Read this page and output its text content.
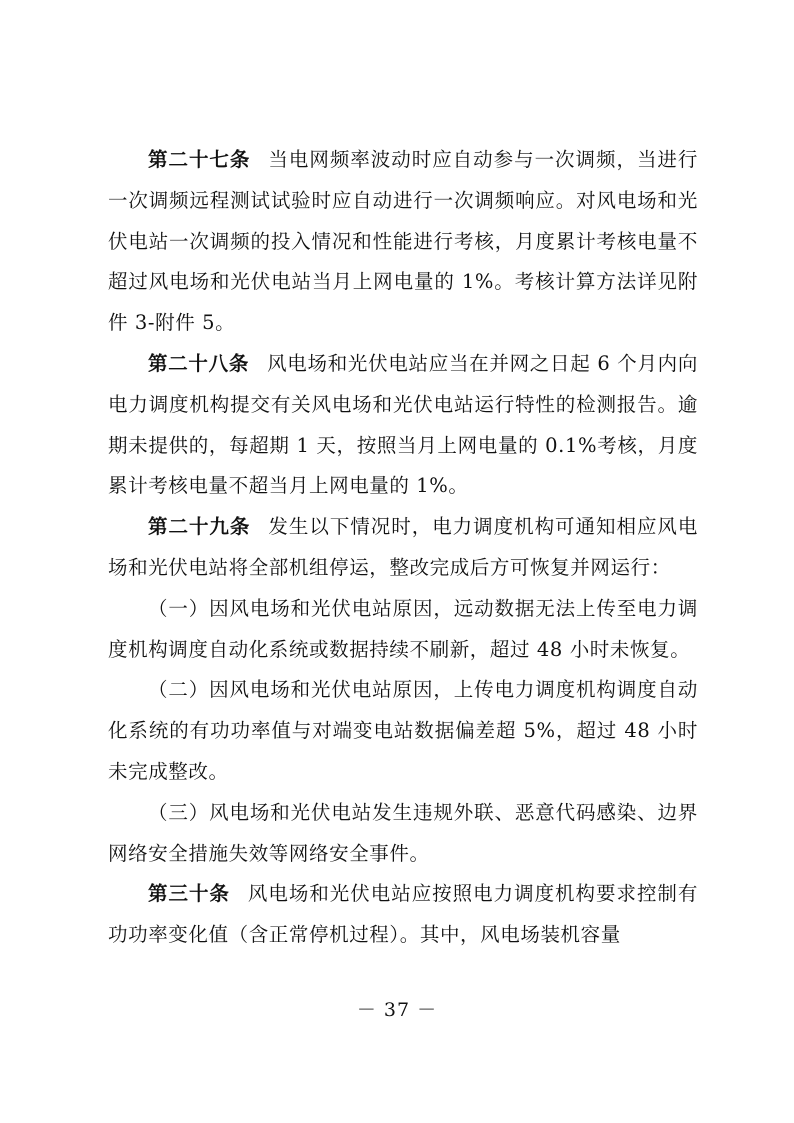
第二十七条 当电网频率波动时应自动参与一次调频，当进行一次调频远程测试试验时应自动进行一次调频响应。对风电场和光伏电站一次调频的投入情况和性能进行考核，月度累计考核电量不超过风电场和光伏电站当月上网电量的 1%。考核计算方法详见附件 3-附件 5。

第二十八条 风电场和光伏电站应当在并网之日起 6 个月内向电力调度机构提交有关风电场和光伏电站运行特性的检测报告。逾期未提供的，每超期 1 天，按照当月上网电量的 0.1%考核，月度累计考核电量不超当月上网电量的 1%。

第二十九条 发生以下情况时，电力调度机构可通知相应风电场和光伏电站将全部机组停运，整改完成后方可恢复并网运行：

（一）因风电场和光伏电站原因，远动数据无法上传至电力调度机构调度自动化系统或数据持续不刷新，超过 48 小时未恢复。

（二）因风电场和光伏电站原因，上传电力调度机构调度自动化系统的有功功率值与对端变电站数据偏差超 5%，超过 48 小时未完成整改。

（三）风电场和光伏电站发生违规外联、恶意代码感染、边界网络安全措施失效等网络安全事件。

第三十条 风电场和光伏电站应按照电力调度机构要求控制有功功率变化值（含正常停机过程）。其中，风电场装机容量

－ 37 －
